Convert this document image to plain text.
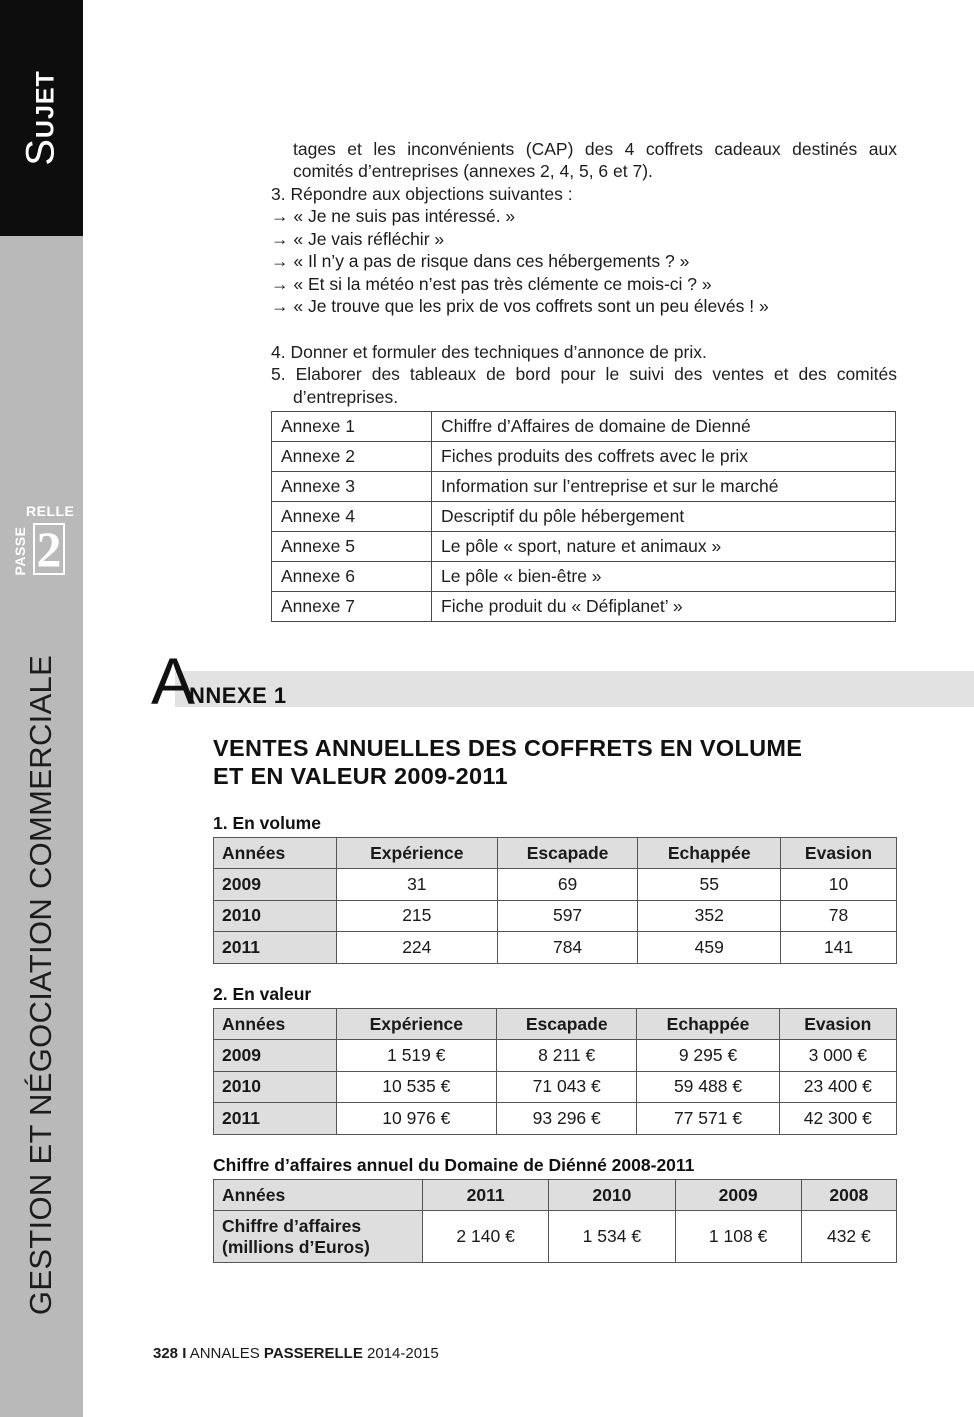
SUJET
RELLE
PASSE 2
GESTION ET NÉGOCIATION COMMERCIALE
tages et les inconvénients (CAP) des 4 coffrets cadeaux destinés aux
comités d’entreprises (annexes 2, 4, 5, 6 et 7).
3. Répondre aux objections suivantes :
→ « Je ne suis pas intéressé. »
→ « Je vais réfléchir »
→ « Il n’y a pas de risque dans ces hébergements ? »
→ « Et si la météo n’est pas très clémente ce mois-ci ? »
→ « Je trouve que les prix de vos coffrets sont un peu élevés ! »
4. Donner et formuler des techniques d’annonce de prix.
5. Elaborer des tableaux de bord pour le suivi des ventes et des comités
d’entreprises.
Annexe 1	Chiffre d’Affaires de domaine de Dienné
Annexe 2	Fiches produits des coffrets avec le prix
Annexe 3	Information sur l’entreprise et sur le marché
Annexe 4	Descriptif du pôle hébergement
Annexe 5	Le pôle « sport, nature et animaux »
Annexe 6	Le pôle « bien-être »
Annexe 7	Fiche produit du « Défiplanet’ »
A
NNEXE 1
VENTES ANNUELLES DES COFFRETS EN VOLUME
ET EN VALEUR 2009-2011
1. En volume
Années	Expérience	Escapade	Echappée	Evasion
2009	31	69	55	10
2010	215	597	352	78
2011	224	784	459	141
2. En valeur
Années	Expérience	Escapade	Echappée	Evasion
2009	1 519 €	8 211 €	9 295 €	3 000 €
2010	10 535 €	71 043 €	59 488 €	23 400 €
2011	10 976 €	93 296 €	77 571 €	42 300 €
Chiffre d’affaires annuel du Domaine de Diénné 2008-2011
Années	2011	2010	2009	2008

Chiffre d’affaires
(millions d’Euros)	2 140 €	1 534 €	1 108 €	432 €
328 I ANNALES PASSERELLE 2014-2015
